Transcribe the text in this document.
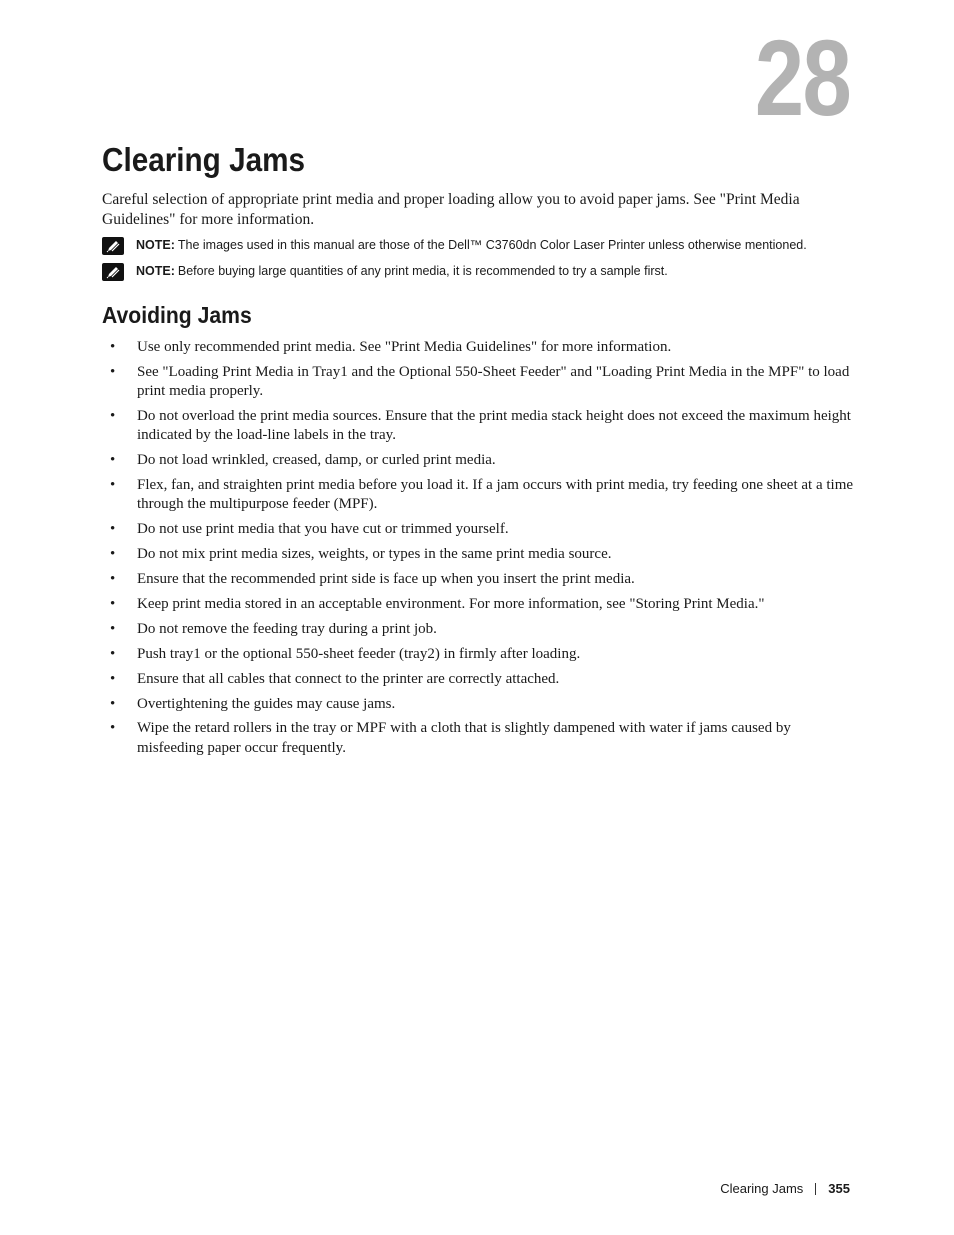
28
Clearing Jams

Careful selection of appropriate print media and proper loading allow you to avoid paper jams. See "Print Media Guidelines" for more information.

NOTE: The images used in this manual are those of the Dell™ C3760dn Color Laser Printer unless otherwise mentioned.
NOTE: Before buying large quantities of any print media, it is recommended to try a sample first.
Avoiding Jams
• Use only recommended print media. See "Print Media Guidelines" for more information.
• See "Loading Print Media in Tray1 and the Optional 550-Sheet Feeder" and "Loading Print Media in the MPF" to load print media properly.
• Do not overload the print media sources. Ensure that the print media stack height does not exceed the maximum height indicated by the load-line labels in the tray.
• Do not load wrinkled, creased, damp, or curled print media.
• Flex, fan, and straighten print media before you load it. If a jam occurs with print media, try feeding one sheet at a time through the multipurpose feeder (MPF).
• Do not use print media that you have cut or trimmed yourself.
• Do not mix print media sizes, weights, or types in the same print media source.
• Ensure that the recommended print side is face up when you insert the print media.
• Keep print media stored in an acceptable environment. For more information, see "Storing Print Media."
• Do not remove the feeding tray during a print job.
• Push tray1 or the optional 550-sheet feeder (tray2) in firmly after loading.
• Ensure that all cables that connect to the printer are correctly attached.
• Overtightening the guides may cause jams.
• Wipe the retard rollers in the tray or MPF with a cloth that is slightly dampened with water if jams caused by misfeeding paper occur frequently.
Clearing Jams 355
